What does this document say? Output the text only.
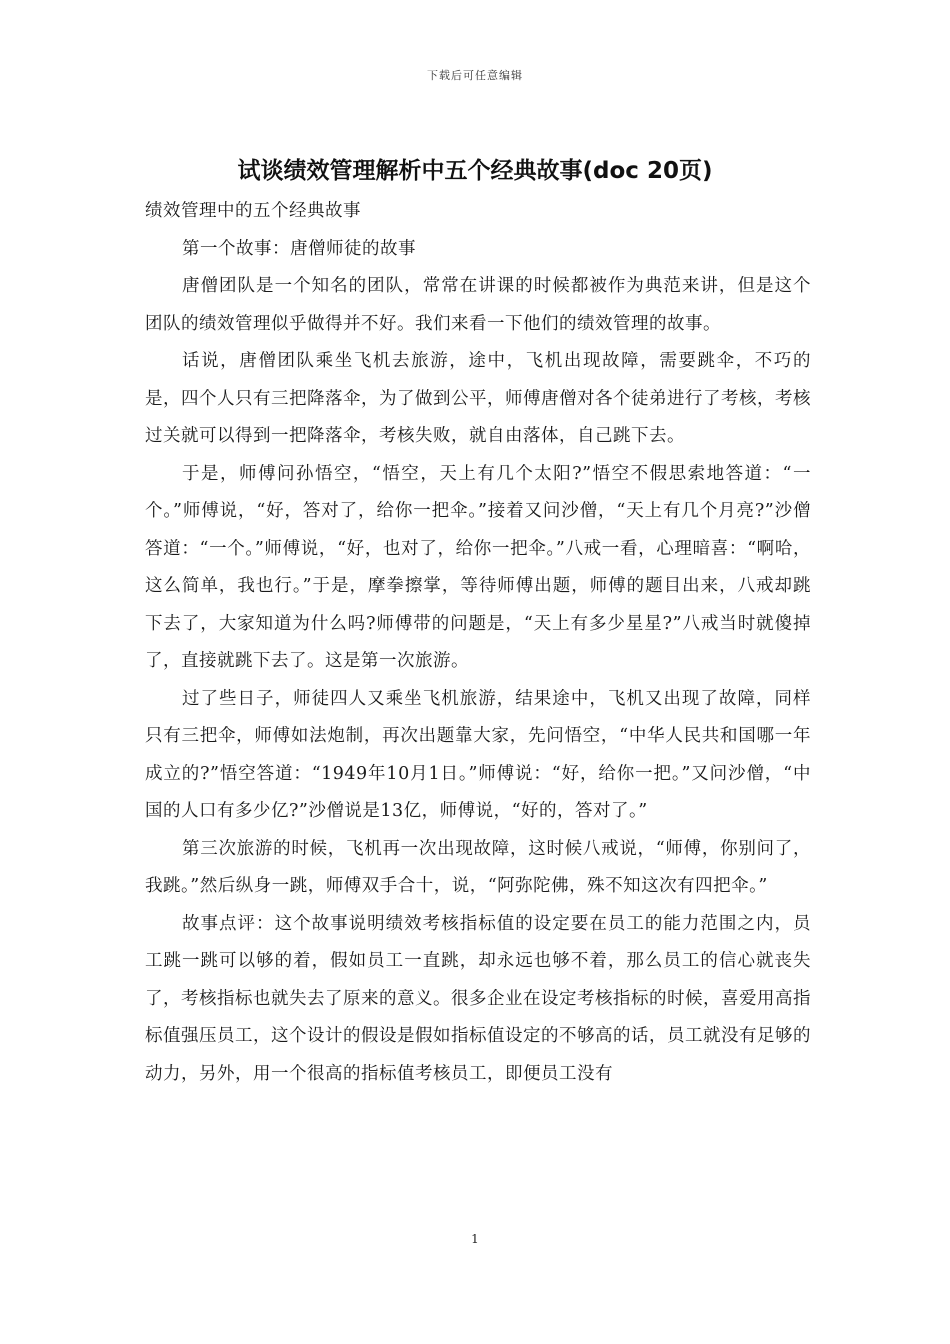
下载后可任意编辑
试谈绩效管理解析中五个经典故事(doc 20页)

绩效管理中的五个经典故事

第一个故事：唐僧师徒的故事

唐僧团队是一个知名的团队，常常在讲课的时候都被作为典范来讲，但是这个团队的绩效管理似乎做得并不好。我们来看一下他们的绩效管理的故事。

话说，唐僧团队乘坐飞机去旅游，途中，飞机出现故障，需要跳伞，不巧的是，四个人只有三把降落伞，为了做到公平，师傅唐僧对各个徒弟进行了考核，考核过关就可以得到一把降落伞，考核失败，就自由落体，自己跳下去。

于是，师傅问孙悟空，“悟空，天上有几个太阳?”悟空不假思索地答道：“一个。”师傅说，“好，答对了，给你一把伞。”接着又问沙僧，“天上有几个月亮?”沙僧答道：“一个。”师傅说，“好，也对了，给你一把伞。”八戒一看，心理暗喜：“啊哈，这么简单，我也行。”于是，摩拳擦掌，等待师傅出题，师傅的题目出来，八戒却跳下去了，大家知道为什么吗?师傅带的问题是，“天上有多少星星?”八戒当时就傻掉了，直接就跳下去了。这是第一次旅游。

过了些日子，师徒四人又乘坐飞机旅游，结果途中，飞机又出现了故障，同样只有三把伞，师傅如法炮制，再次出题靠大家，先问悟空，“中华人民共和国哪一年成立的?”悟空答道：“1949年10月1日。”师傅说：“好，给你一把。”又问沙僧，“中国的人口有多少亿?”沙僧说是13亿，师傅说，“好的，答对了。”

第三次旅游的时候，飞机再一次出现故障，这时候八戒说，“师傅，你别问了，我跳。”然后纵身一跳，师傅双手合十，说，“阿弥陀佛，殊不知这次有四把伞。”

故事点评：这个故事说明绩效考核指标值的设定要在员工的能力范围之内，员工跳一跳可以够的着，假如员工一直跳，却永远也够不着，那么员工的信心就丧失了，考核指标也就失去了原来的意义。很多企业在设定考核指标的时候，喜爱用高指标值强压员工，这个设计的假设是假如指标值设定的不够高的话，员工就没有足够的动力，另外，用一个很高的指标值考核员工，即便员工没有

1
